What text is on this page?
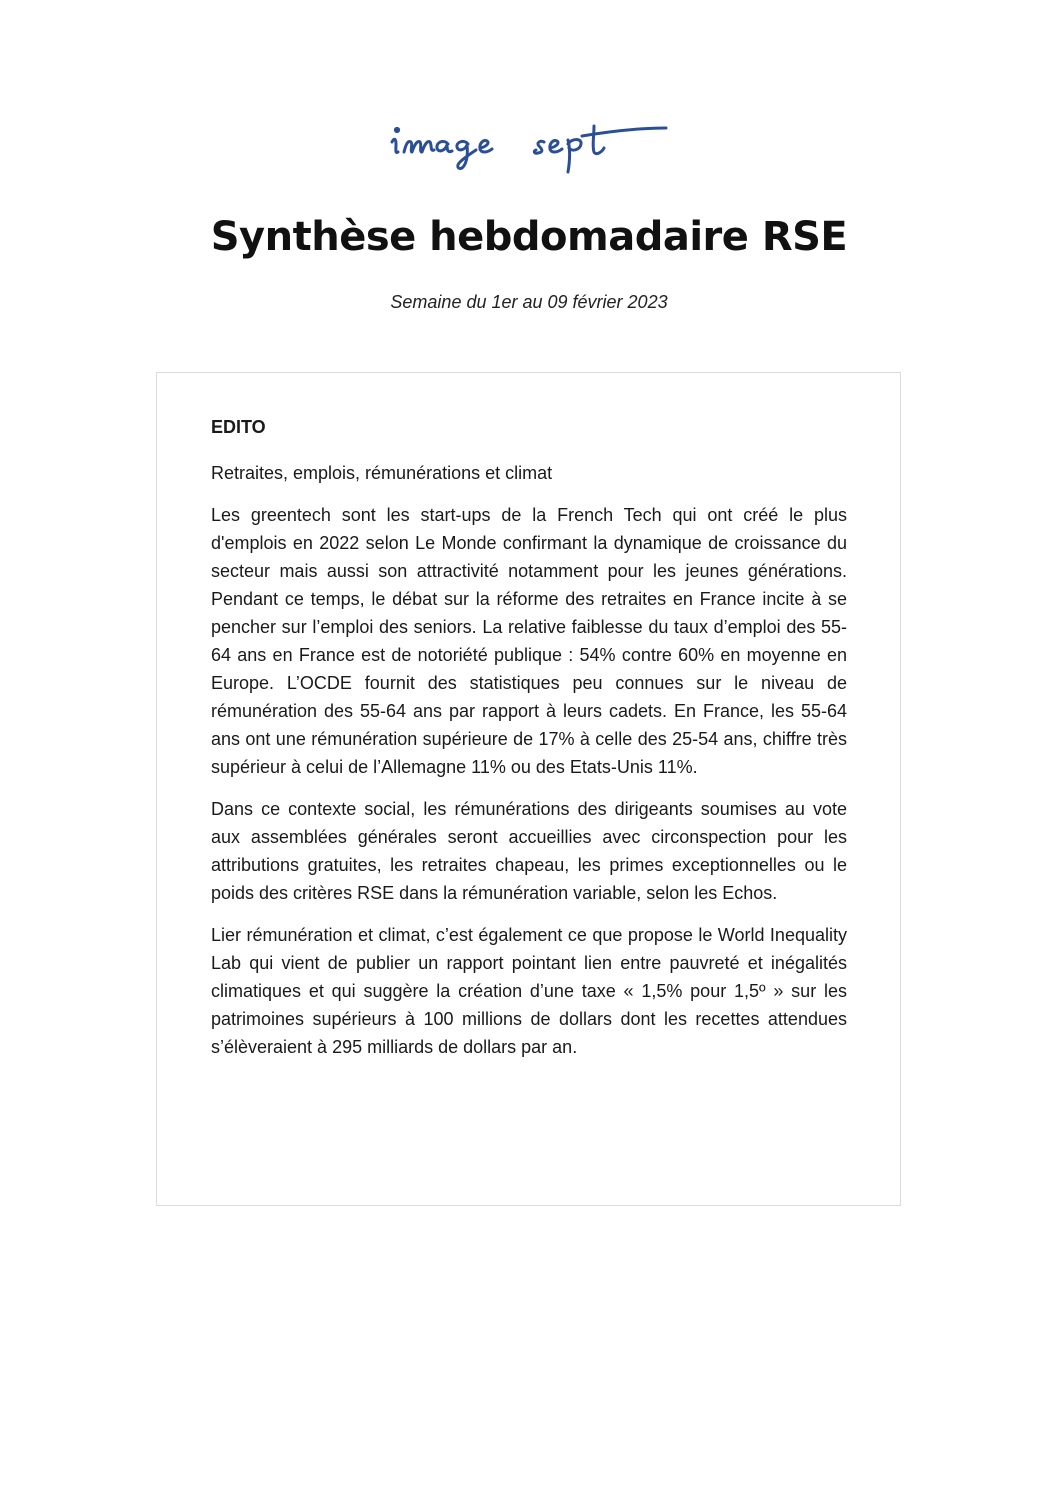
Synthèse hebdomadaire RSE

Semaine du 1er au 09 février 2023

EDITO

Retraites, emplois, rémunérations et climat

Les greentech sont les start-ups de la French Tech qui ont créé le plus d'emplois en 2022 selon Le Monde confirmant la dynamique de croissance du secteur mais aussi son attractivité notamment pour les jeunes générations. Pendant ce temps, le débat sur la réforme des retraites en France incite à se pencher sur l’emploi des seniors. La relative faiblesse du taux d’emploi des 55-64 ans en France est de notoriété publique : 54% contre 60% en moyenne en Europe. L’OCDE fournit des statistiques peu connues sur le niveau de rémunération des 55-64 ans par rapport à leurs cadets. En France, les 55-64 ans ont une rémunération supérieure de 17% à celle des 25-54 ans, chiffre très supérieur à celui de l’Allemagne 11% ou des Etats-Unis 11%.

Dans ce contexte social, les rémunérations des dirigeants soumises au vote aux assemblées générales seront accueillies avec circonspection pour les attributions gratuites, les retraites chapeau, les primes exceptionnelles ou le poids des critères RSE dans la rémunération variable, selon les Echos.

Lier rémunération et climat, c’est également ce que propose le World Inequality Lab qui vient de publier un rapport pointant lien entre pauvreté et inégalités climatiques et qui suggère la création d’une taxe « 1,5% pour 1,5º » sur les patrimoines supérieurs à 100 millions de dollars dont les recettes attendues s’élèveraient à 295 milliards de dollars par an.
